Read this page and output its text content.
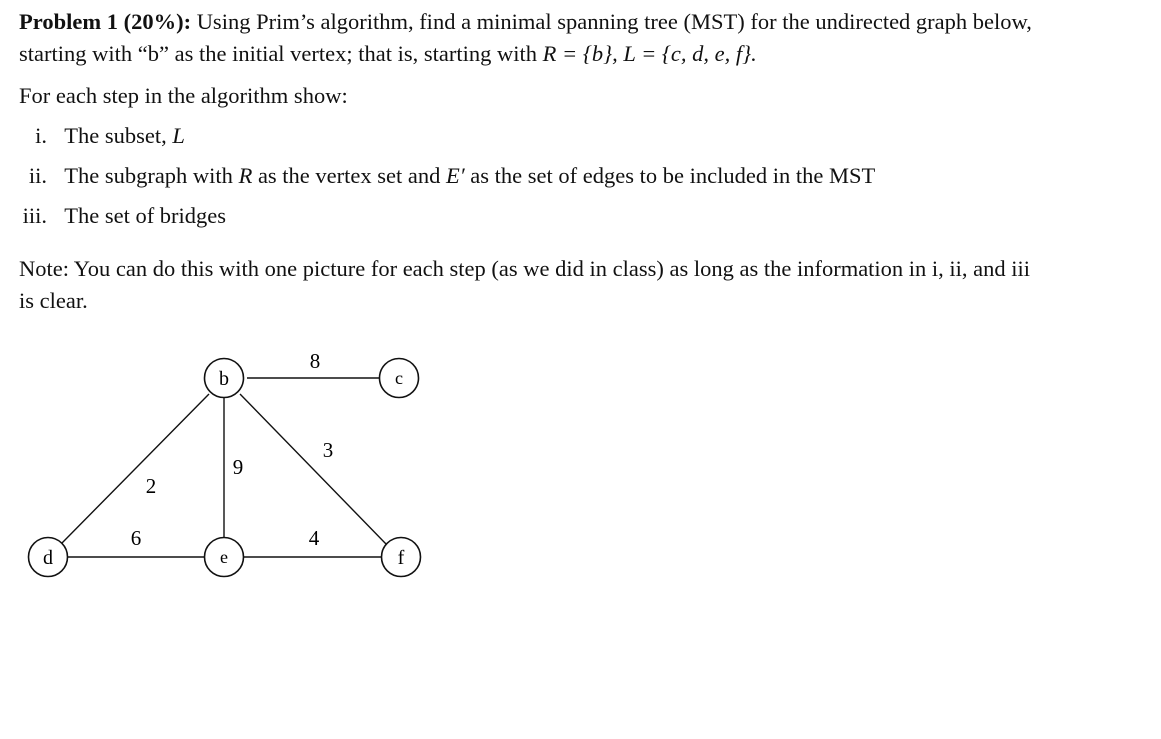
Problem 1 (20%): Using Prim’s algorithm, find a minimal spanning tree (MST) for the undirected graph below,
starting with “b” as the initial vertex; that is, starting with R = {b}, L = {c, d, e, f}.
For each step in the algorithm show:
i. The subset, L
ii. The subgraph with R as the vertex set and E′ as the set of edges to be included in the MST
iii. The set of bridges
Note: You can do this with one picture for each step (as we did in class) as long as the information in i, ii, and iii
is clear.
8
3
9
2
6	4
b	c
d	e	f
